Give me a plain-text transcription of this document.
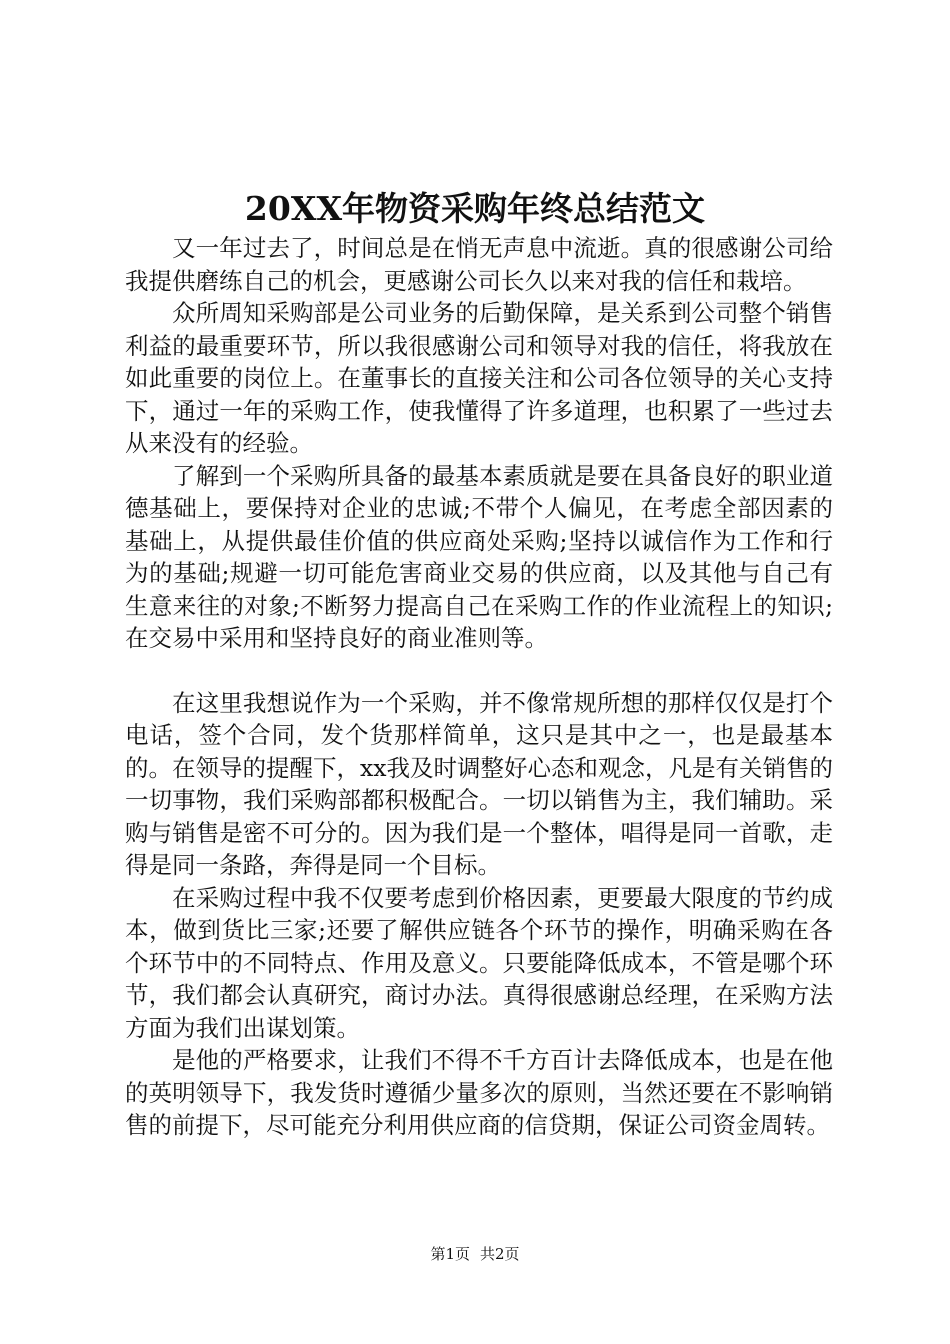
20XX年物资采购年终总结范文

又一年过去了，时间总是在悄无声息中流逝。真的很感谢公司给我提供磨练自己的机会，更感谢公司长久以来对我的信任和栽培。

众所周知采购部是公司业务的后勤保障，是关系到公司整个销售利益的最重要环节，所以我很感谢公司和领导对我的信任，将我放在如此重要的岗位上。在董事长的直接关注和公司各位领导的关心支持下，通过一年的采购工作，使我懂得了许多道理，也积累了一些过去从来没有的经验。

了解到一个采购所具备的最基本素质就是要在具备良好的职业道德基础上，要保持对企业的忠诚;不带个人偏见，在考虑全部因素的基础上，从提供最佳价值的供应商处采购;坚持以诚信作为工作和行为的基础;规避一切可能危害商业交易的供应商，以及其他与自己有生意来往的对象;不断努力提高自己在采购工作的作业流程上的知识;在交易中采用和坚持良好的商业准则等。

在这里我想说作为一个采购，并不像常规所想的那样仅仅是打个电话，签个合同，发个货那样简单，这只是其中之一，也是最基本的。在领导的提醒下，xx我及时调整好心态和观念，凡是有关销售的一切事物，我们采购部都积极配合。一切以销售为主，我们辅助。采购与销售是密不可分的。因为我们是一个整体，唱得是同一首歌，走得是同一条路，奔得是同一个目标。

在采购过程中我不仅要考虑到价格因素，更要最大限度的节约成本，做到货比三家;还要了解供应链各个环节的操作，明确采购在各个环节中的不同特点、作用及意义。只要能降低成本，不管是哪个环节，我们都会认真研究，商讨办法。真得很感谢总经理，在采购方法方面为我们出谋划策。

是他的严格要求，让我们不得不千方百计去降低成本，也是在他的英明领导下，我发货时遵循少量多次的原则，当然还要在不影响销售的前提下，尽可能充分利用供应商的信贷期，保证公司资金周转。

第1页 共2页
